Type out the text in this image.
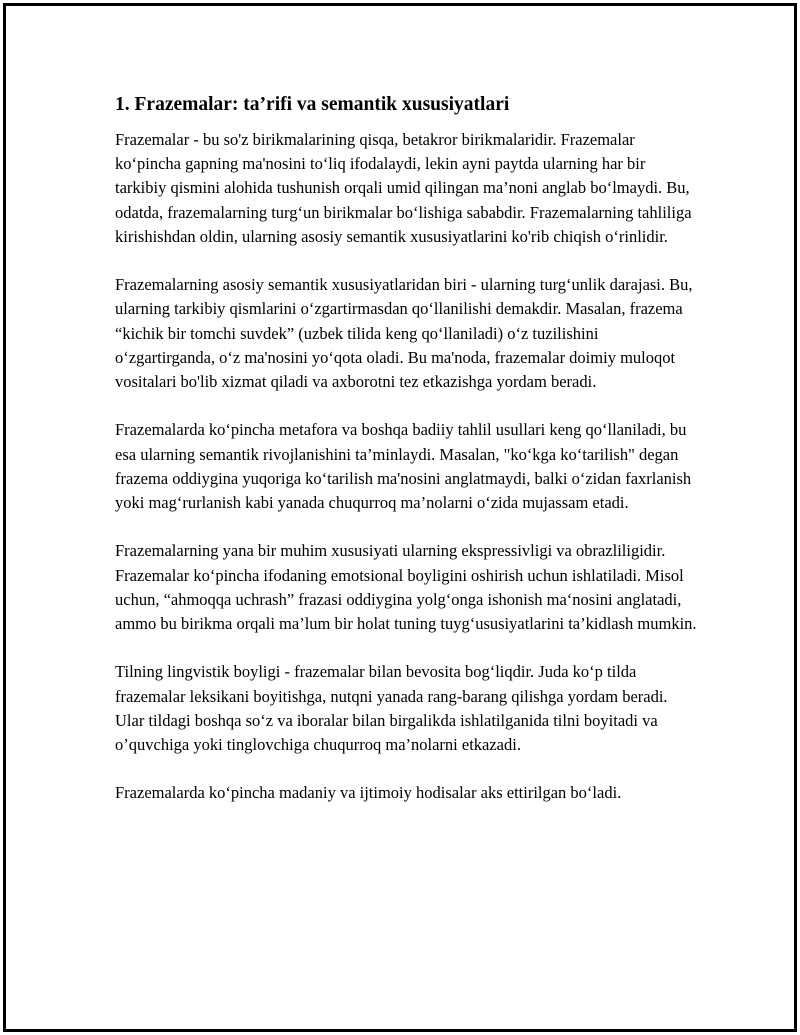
1. Frazemalar: ta’rifi va semantik xususiyatlari

Frazemalar - bu so'z birikmalarining qisqa, betakror birikmalaridir. Frazemalar ko‘pincha gapning ma'nosini to‘liq ifodalaydi, lekin ayni paytda ularning har bir tarkibiy qismini alohida tushunish orqali umid qilingan ma’noni anglab bo‘lmaydi. Bu, odatda, frazemalarning turg‘un birikmalar bo‘lishiga sababdir. Frazemalarning tahliliga kirishishdan oldin, ularning asosiy semantik xususiyatlarini ko'rib chiqish o‘rinlidir.

Frazemalarning asosiy semantik xususiyatlaridan biri - ularning turg‘unlik darajasi. Bu, ularning tarkibiy qismlarini o‘zgartirmasdan qo‘llanilishi demakdir. Masalan, frazema “kichik bir tomchi suvdek” (uzbek tilida keng qo‘llaniladi) o‘z tuzilishini o‘zgartirganda, o‘z ma'nosini yo‘qota oladi. Bu ma'noda, frazemalar doimiy muloqot vositalari bo'lib xizmat qiladi va axborotni tez etkazishga yordam beradi.

Frazemalarda ko‘pincha metafora va boshqa badiiy tahlil usullari keng qo‘llaniladi, bu esa ularning semantik rivojlanishini ta’minlaydi. Masalan, "ko‘kga ko‘tarilish" degan frazema oddiygina yuqoriga ko‘tarilish ma'nosini anglatmaydi, balki o‘zidan faxrlanish yoki mag‘rurlanish kabi yanada chuqurroq ma’nolarni o‘zida mujassam etadi.

Frazemalarning yana bir muhim xususiyati ularning ekspressivligi va obrazliligidir. Frazemalar ko‘pincha ifodaning emotsional boyligini oshirish uchun ishlatiladi. Misol uchun, “ahmoqqa uchrash” frazasi oddiygina yolg‘onga ishonish ma‘nosini anglatadi, ammo bu birikma orqali ma’lum bir holat tuning tuyg‘ususiyatlarini ta’kidlash mumkin.

Tilning lingvistik boyligi - frazemalar bilan bevosita bog‘liqdir. Juda ko‘p tilda frazemalar leksikani boyitishga, nutqni yanada rang-barang qilishga yordam beradi. Ular tildagi boshqa so‘z va iboralar bilan birgalikda ishlatilganida tilni boyitadi va o’quvchiga yoki tinglovchiga chuqurroq ma’nolarni etkazadi.

Frazemalarda ko‘pincha madaniy va ijtimoiy hodisalar aks ettirilgan bo‘ladi.
